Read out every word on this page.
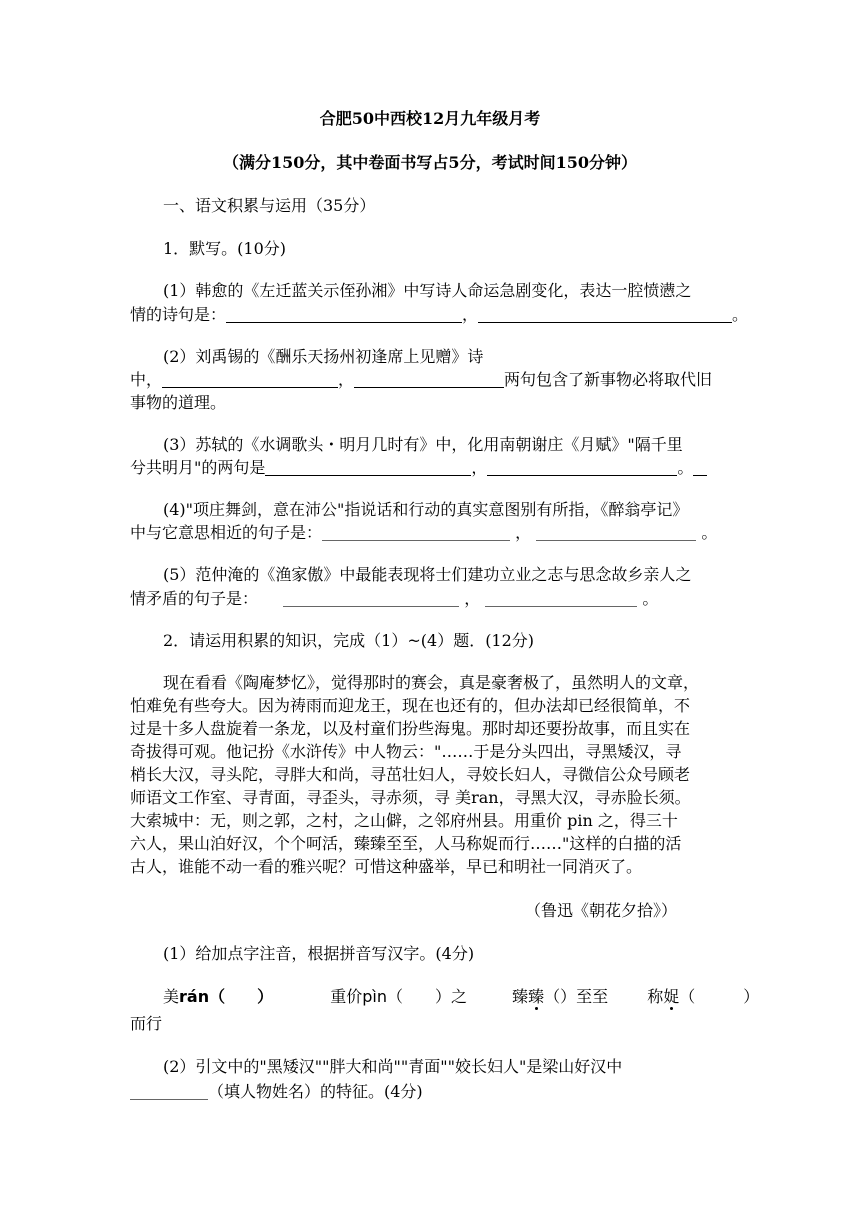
合肥50中西校12月九年级月考
（满分150分，其中卷面书写占5分，考试时间150分钟）
一、语文积累与运用（35分）
1．默写。(10分)
(1）韩愈的《左迁蓝关示侄孙湘》中写诗人命运急剧变化，表达一腔愤懑之
情的诗句是：	，	。
(2）刘禹锡的《酬乐天扬州初逢席上见赠》诗
中，	，	两句包含了新事物必将取代旧
事物的道理。
(3）苏轼的《水调歌头・明月几时有》中，化用南朝谢庄《月赋》"隔千里
兮共明月"的两句是	，	。
(4)"项庄舞剑，意在沛公"指说话和行动的真实意图别有所指，《醉翁亭记》
中与它意思相近的句子是：	，	。
(5）范仲淹的《渔家傲》中最能表现将士们建功立业之志与思念故乡亲人之
情矛盾的句子是：	，	。
2．请运用积累的知识，完成（1）~(4）题．(12分)
现在看看《陶庵梦忆》，觉得那时的赛会，真是豪奢极了，虽然明人的文章，
怕难免有些夸大。因为祷雨而迎龙王，现在也还有的，但办法却已经很简单，不
过是十多人盘旋着一条龙，以及村童们扮些海鬼。那时却还要扮故事，而且实在
奇拔得可观。他记扮《水浒传》中人物云："……于是分头四出，寻黑矮汉，寻
梢长大汉，寻头陀，寻胖大和尚，寻茁壮妇人，寻姣长妇人，寻微信公众号顾老
师语文工作室、寻青面，寻歪头，寻赤须，寻 美ran，寻黑大汉，寻赤脸长须。
大索城中：无，则之郭，之村，之山僻，之邻府州县。用重价 pin 之，得三十
六人，果山泊好汉，个个呵活，臻臻至至，人马称娖而行……"这样的白描的活
古人，谁能不动一看的雅兴呢？可惜这种盛举，早已和明社一同消灭了。
（鲁迅《朝花夕拾》）
(1）给加点字注音，根据拼音写汉字。(4分)
美rán（　　）	重价pìn（　　）之	臻臻（）至至 称娖（　　　）
而行
(2）引文中的"黑矮汉""胖大和尚""青面""姣长妇人"是梁山好汉中
（填人物姓名）的特征。(4分)
